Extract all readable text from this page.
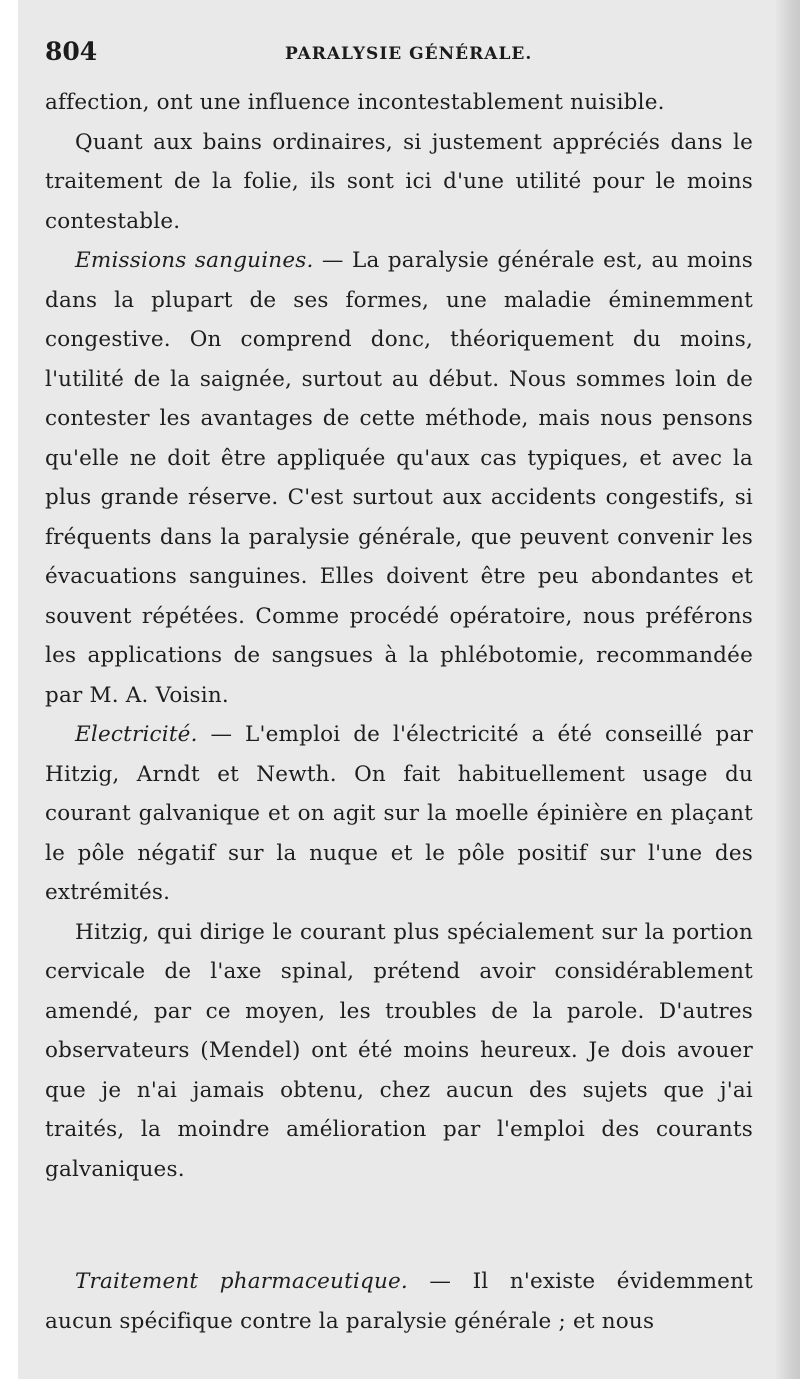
804	PARALYSIE GÉNÉRALE.

affection, ont une influence incontestablement nuisible.

Quant aux bains ordinaires, si justement appréciés dans le traitement de la folie, ils sont ici d'une utilité pour le moins contestable.

Emissions sanguines. — La paralysie générale est, au moins dans la plupart de ses formes, une maladie éminemment congestive. On comprend donc, théoriquement du moins, l'utilité de la saignée, surtout au début. Nous sommes loin de contester les avantages de cette méthode, mais nous pensons qu'elle ne doit être appliquée qu'aux cas typiques, et avec la plus grande réserve. C'est surtout aux accidents congestifs, si fréquents dans la paralysie générale, que peuvent convenir les évacuations sanguines. Elles doivent être peu abondantes et souvent répétées. Comme procédé opératoire, nous préférons les applications de sangsues à la phlébotomie, recommandée par M. A. Voisin.

Electricité. — L'emploi de l'électricité a été conseillé par Hitzig, Arndt et Newth. On fait habituellement usage du courant galvanique et on agit sur la moelle épinière en plaçant le pôle négatif sur la nuque et le pôle positif sur l'une des extrémités.

Hitzig, qui dirige le courant plus spécialement sur la portion cervicale de l'axe spinal, prétend avoir considérablement amendé, par ce moyen, les troubles de la parole. D'autres observateurs (Mendel) ont été moins heureux. Je dois avouer que je n'ai jamais obtenu, chez aucun des sujets que j'ai traités, la moindre amélioration par l'emploi des courants galvaniques.

Traitement pharmaceutique. — Il n'existe évidemment aucun spécifique contre la paralysie générale ; et nous
